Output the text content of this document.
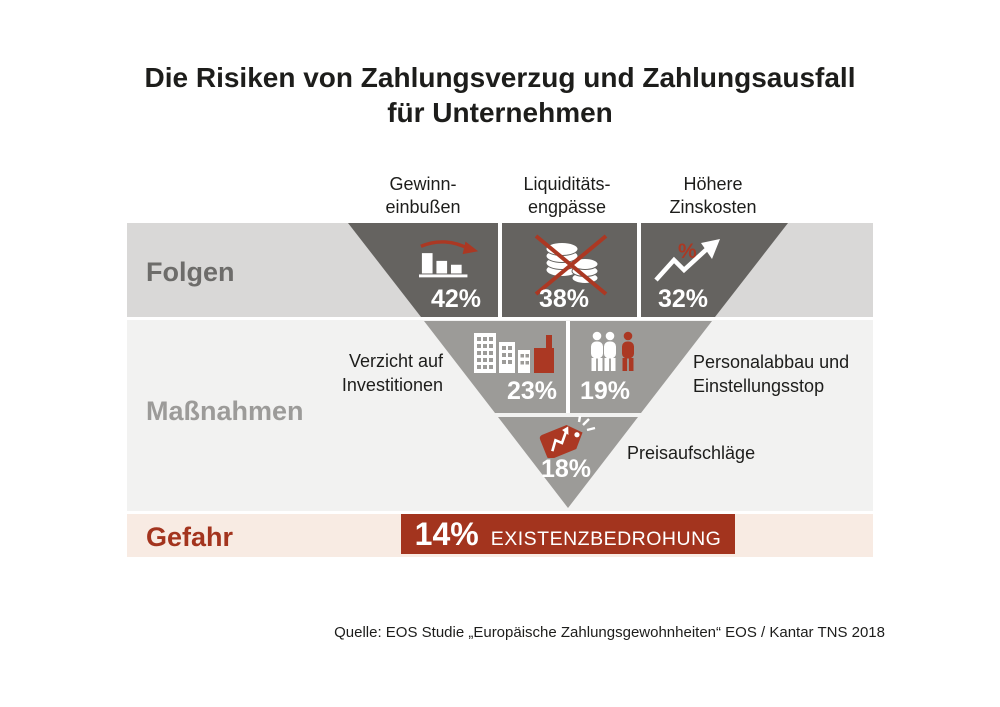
Die Risiken von Zahlungsverzug und Zahlungsausfall
für Unternehmen
Gewinn-
einbußen
Liquiditäts-
engpässe
Höhere
Zinskosten
%
Folgen
Maßnahmen
Gefahr
42%	38%	32%
23% 19%
18%
Verzicht auf
Investitionen
Personalabbau und
Einstellungsstop
Preisaufschläge
14% EXISTENZBEDROHUNG
Quelle: EOS Studie „Europäische Zahlungsgewohnheiten“ EOS / Kantar TNS 2018
